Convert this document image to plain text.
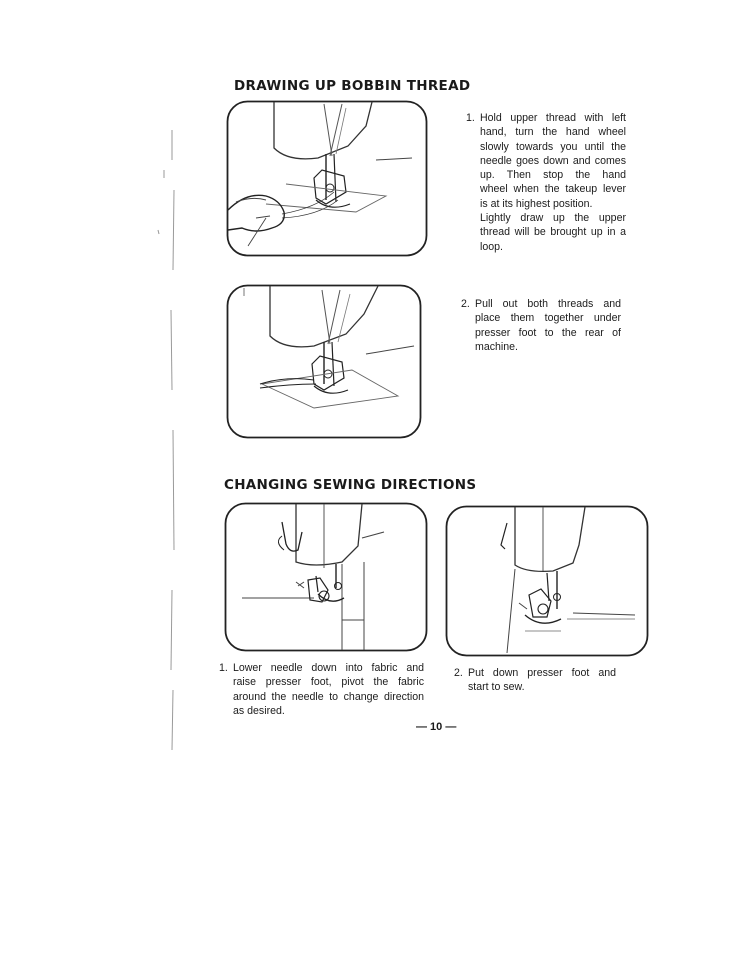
DRAWING UP BOBBIN THREAD
1. Hold upper thread with left
hand, turn the hand wheel
slowly towards you until the
needle goes down and comes
up. Then stop the hand
wheel when the takeup lever
is at its highest position.
Lightly draw up the upper
thread will be brought up in a
loop.
2. Pull out both threads and
place them together under
presser foot to the rear of
machine.
CHANGING SEWING DIRECTIONS
1. Lower needle down into fabric and
raise presser foot, pivot the fabric
around the needle to change direction
as desired.
2. Put down presser foot and
start to sew.
— 10 —
